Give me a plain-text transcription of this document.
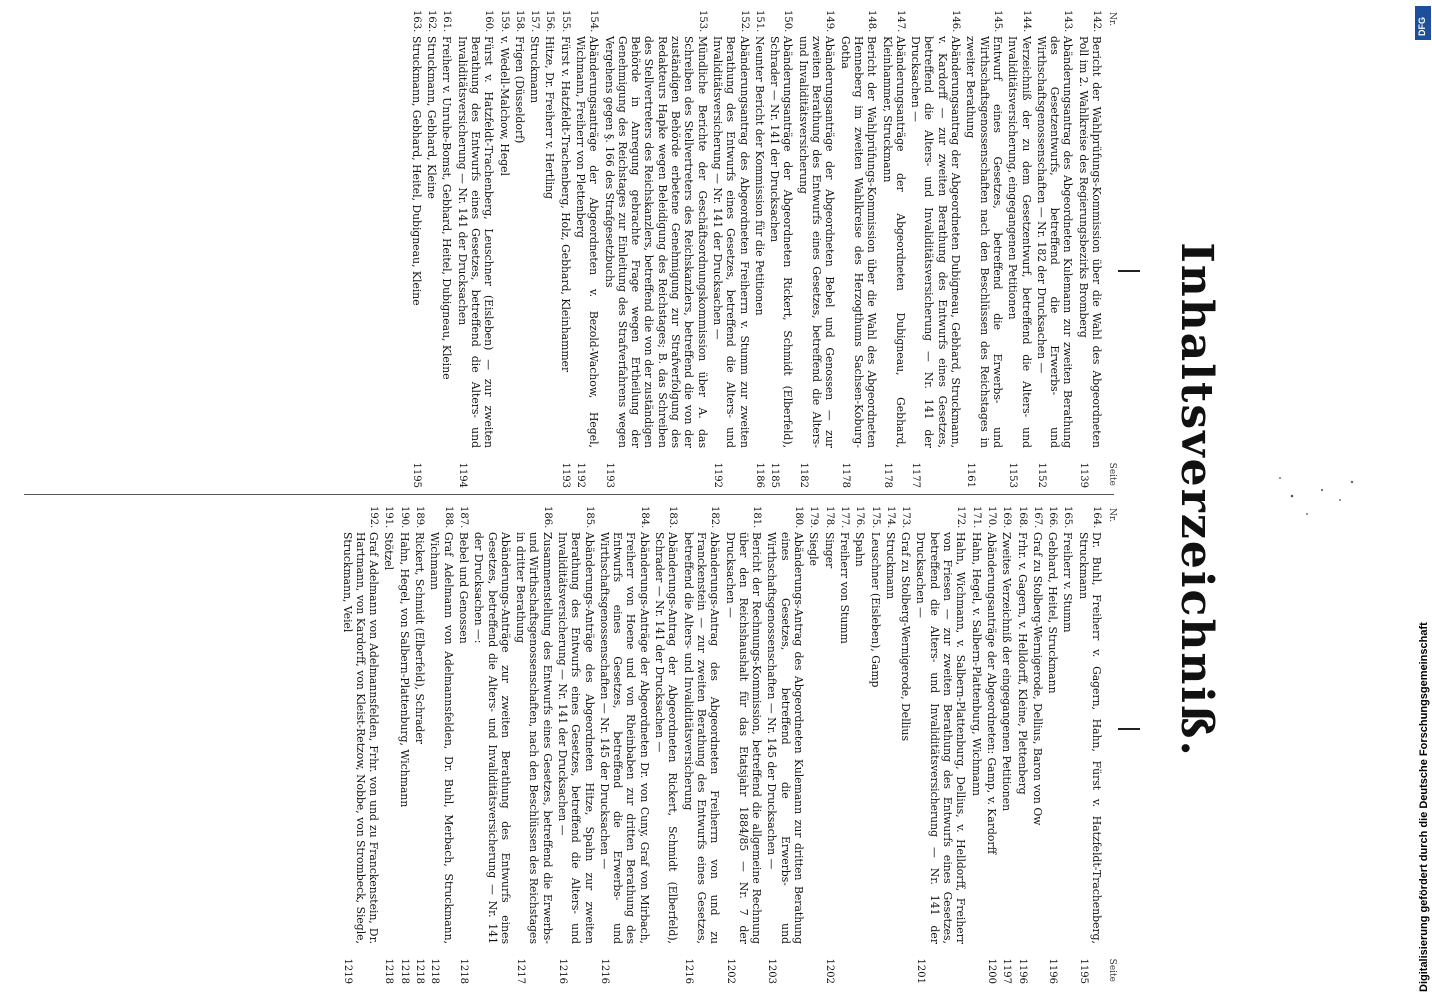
Inhaltsverzeichniß.
Nr.
Seite
142.
Bericht der Wahlprüfungs-Kommission über die Wahl des Abgeordneten Poll im 2. Wahlkreise des Regierungsbezirks Bromberg
1139
143.
Abänderungsantrag des Abgeordneten Kulemann zur zweiten Berathung des Gesetzentwurfs, betreffend die Erwerbs- und Wirthschaftsgenossenschaften — Nr. 182 der Drucksachen —
1152
144.
Verzeichniß der zu dem Gesetzentwurf, betreffend die Alters- und Invaliditätsversicherung, eingegangenen Petitionen
1153
145.
Entwurf eines Gesetzes, betreffend die Erwerbs- und Wirthschaftsgenossenschaften nach den Beschlüssen des Reichstages in zweiter Berathung
1161
146.
Abänderungsantrag der Abgeordneten Dubigneau, Gebhard, Struckmann, v. Kardorff — zur zweiten Berathung des Entwurfs eines Gesetzes, betreffend die Alters- und Invaliditätsversicherung — Nr. 141 der Drucksachen —
1177
147.
Abänderungsanträge der Abgeordneten Dubigneau, Gebhard, Kleinhammer, Struckmann
1178
148.
Bericht der Wahlprüfungs-Kommission über die Wahl des Abgeordneten Henneberg im zweiten Wahlkreise des Herzogthums Sachsen-Koburg-Gotha
1178
149.
Abänderungsanträge der Abgeordneten Bebel und Genossen — zur zweiten Berathung des Entwurfs eines Gesetzes, betreffend die Alters- und Invaliditätsversicherung
1182
150.
Abänderungsanträge der Abgeordneten Rickert, Schmidt (Elberfeld), Schrader — Nr. 141 der Drucksachen
1185
151.
Neunter Bericht der Kommission für die Petitionen
1186
152.
Abänderungsantrag des Abgeordneten Freiherrn v. Stumm zur zweiten Berathung des Entwurfs eines Gesetzes, betreffend die Alters- und Invaliditätsversicherung — Nr. 141 der Drucksachen —
1192
153.
Mündliche Berichte der Geschäftsordnungskommission über A. das Schreiben des Stellvertreters des Reichskanzlers, betreffend die von der zuständigen Behörde erbetene Genehmigung zur Strafverfolgung des Redakteurs Hapke wegen Beleidigung des Reichstages; B. das Schreiben des Stellvertreters des Reichskanzlers, betreffend die von der zuständigen Behörde in Anregung gebrachte Frage wegen Ertheilung der Genehmigung des Reichstages zur Einleitung des Strafverfahrens wegen Vergehens gegen §. 166 des Strafgesetzbuchs
1193
154.
Abänderungsanträge der Abgeordneten v. Bezold-Wachow, Hegel, Wichmann, Freiherr von Plettenberg
1192
155.
Fürst v. Hatzfeldt-Trachenberg, Holz, Gebhard, Kleinhammer
1193
156.
Hitze, Dr. Freiherr v. Hertling
157.
Struckmann
158.
Frigen (Düsseldorf)
159.
v. Wedell-Malchow, Hegel
160.
Fürst v. Hatzfeldt-Trachenberg, Leuschner (Eisleben) — zur zweiten Berathung des Entwurfs eines Gesetzes, betreffend die Alters- und Invaliditätsversicherung — Nr. 141 der Drucksachen
1194
161.
Freiherr v. Unruhe-Bomst, Gebhard, Heitel, Dubigneau, Kleine
162.
Struckmann, Gebhard, Kleine
163.
Struckmann, Gebhard, Heitel, Dubigneau, Kleine
1195
Nr.
Seite
164.
Dr. Buhl, Freiherr v. Gagern, Hahn, Fürst v. Hatzfeldt-Trachenberg, Struckmann
1195
165.
Freiherr v. Stumm
166.
Gebhard, Heitel, Struckmann
1196
167.
Graf zu Stolberg-Wernigerode, Dellius, Baron von Ow
168.
Frhr. v. Gagern, v. Helldorff, Kleine, Plettenberg
1196
169.
Zweites Verzeichniß der eingegangenen Petitionen
1197
170.
Abänderungsanträge der Abgeordneten: Gamp, v. Kardorff
1200
171.
Hahn, Hegel, v. Salbern-Plattenburg, Wichmann
172.
Hahn, Wichmann, v. Salbern-Plattenburg, Dellius, v. Helldorff, Freiherr von Friesen — zur zweiten Berathung des Entwurfs eines Gesetzes, betreffend die Alters- und Invaliditätsversicherung — Nr. 141 der Drucksachen —
1201
173.
Graf zu Stolberg-Wernigerode, Dellius
174.
Struckmann
175.
Leuschner (Eisleben), Gamp
176.
Spahn
177.
Freiherr von Stumm
178.
Singer
1202
179.
Siegle
180.
Abänderungs-Antrag des Abgeordneten Kulemann zur dritten Berathung eines Gesetzes, betreffend die Erwerbs- und Wirthschaftsgenossenschaften — Nr. 145 der Drucksachen —
1203
181.
Bericht der Rechnungs-Kommission, betreffend die allgemeine Rechnung über den Reichshaushalt für das Etatsjahr 1884/85 — Nr. 7 der Drucksachen —
1202
182.
Abänderungs-Antrag des Abgeordneten Freiherrn von und zu Franckenstein — zur zweiten Berathung des Entwurfs eines Gesetzes, betreffend die Alters- und Invaliditätsversicherung
1216
183.
Abänderungs-Antrag der Abgeordneten Rickert, Schmidt (Elberfeld), Schrader — Nr. 141 der Drucksachen —
184.
Abänderungs-Anträge der Abgeordneten Dr. von Cuny, Graf von Mirbach, Freiherr von Hoene und von Rheinbaben zur dritten Berathung des Entwurfs eines Gesetzes, betreffend die Erwerbs- und Wirthschaftsgenossenschaften — Nr. 145 der Drucksachen —
1216
185.
Abänderungs-Anträge des Abgeordneten Hitze, Spahn zur zweiten Berathung des Entwurfs eines Gesetzes, betreffend die Alters- und Invaliditätsversicherung — Nr. 141 der Drucksachen —
1216
186.
Zusammenstellung des Entwurfs eines Gesetzes, betreffend die Erwerbs- und Wirthschaftsgenossenschaften, nach den Beschlüssen des Reichstages in dritter Berathung
1217
Abänderungs-Anträge zur zweiten Berathung des Entwurfs eines Gesetzes, betreffend die Alters- und Invaliditätsversicherung — Nr. 141 der Drucksachen —:
187.
Bebel und Genossen
1218
188.
Graf Adelmann von Adelmannsfelden, Dr. Buhl, Merbach, Struckmann, Wichmann
1218
189.
Rickert, Schmidt (Elberfeld), Schrader
1218
190.
Hahn, Hegel, von Salbern-Plattenburg, Wichmann
1218
191.
Stötzel
1218
192.
Graf Adelmann von Adelmannsfelden, Frhr. von und zu Franckenstein, Dr. Hartmann, von Kardorff, von Kleist-Retzow, Nobbe, von Strombeck, Siegle, Struckmann, Veiel
1219
DFG
Digitalisierung gefördert durch die Deutsche Forschungsgemeinschaft
